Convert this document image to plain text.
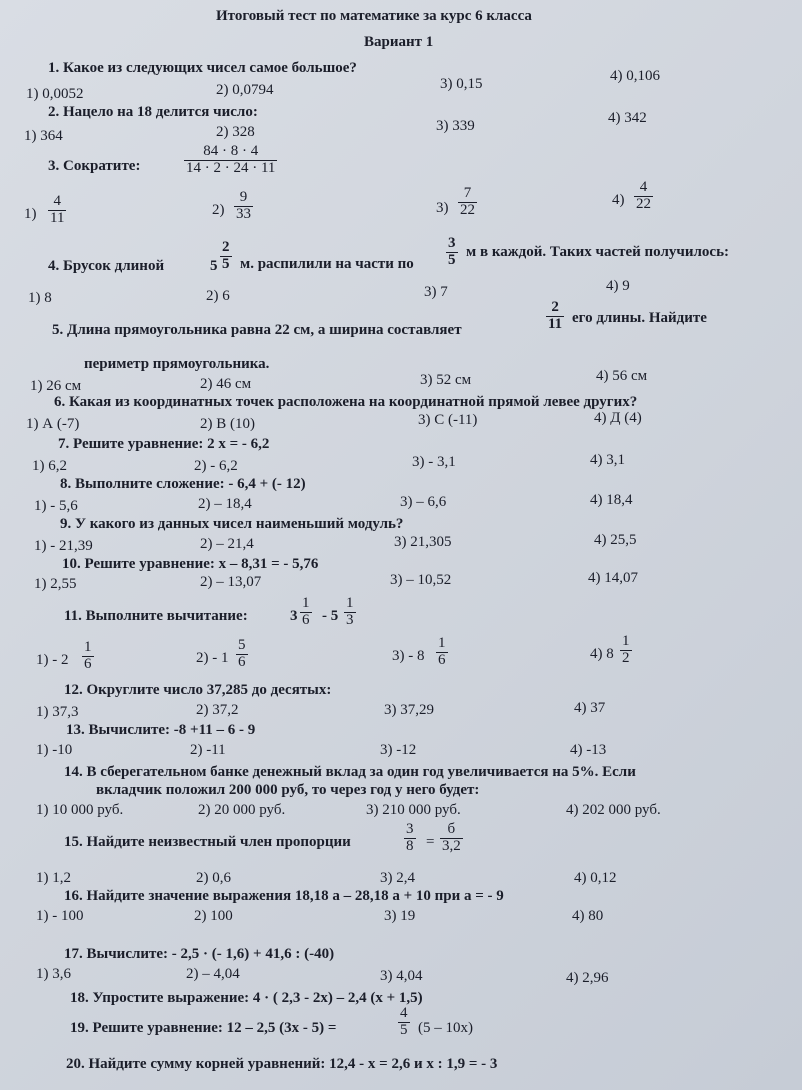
Итоговый тест по математике за курс 6 класса
Вариант 1
1. Какое из следующих чисел самое большое?
1) 0,0052	2) 0,0794	3) 0,15	4) 0,106
2. Нацело на 18 делится число:
1) 364	2) 328	3) 339	4) 342
3. Сократите:	$\frac{84 \cdot 8 \cdot 4}{14 \cdot 2 \cdot 24 \cdot 11}$
$1) \frac{4}{11}$	$2) \frac{9}{33}$	$3) \frac{7}{22}$	$4) \frac{4}{22}$
4. Брусок длиной	$5 \frac{2}{5} м$. распилили на части по $\frac{3}{5}$ м в каждой. Таких частей получилось:
1) 8	2) 6	3) 7	4) 9
5. Длина прямоугольника равна 22 см, а ширина составляет	$\frac{2}{11}$ его длины. Найдите
периметр прямоугольника.
1) 26 см	2) 46 см	3) 52 см	4) 56 см
6. Какая из координатных точек расположена на координатной прямой левее других?
1) А (-7)	2) В (10)	3) С (-11)	4) Д (4)
7. Решите уравнение: 2 х = - 6,2
1) 6,2	2) - 6,2	3) - 3,1	4) 3,1
8. Выполните сложение: - 6,4 + (- 12)
1) - 5,6	2) – 18,4	3) – 6,6	4) 18,4
9. У какого из данных чисел наименьший модуль?
1) - 21,39	2) – 21,4	3) 21,305	4) 25,5
10. Решите уравнение: х – 8,31 = - 5,76
1) 2,55	2) – 13,07	3) – 10,52	4) 14,07
11. Выполните вычитание:	$3 \frac{1}{6} - 5 \frac{1}{3}$
$1) - 2 \frac{1}{6}$	$2) - 1 \frac{5}{6}$	$3) - 8 \frac{1}{6}$	4) $8 \frac{1}{2}$
12. Округлите число 37,285 до десятых:
1) 37,3	2) 37,2	3) 37,29	4) 37
13. Вычислите: -8 +11 – 6 - 9
1) -10	2) -11	3) -12	4) -13
14. В сберегательном банке денежный вклад за один год увеличивается на 5%. Если
вкладчик положил 200 000 руб, то через год у него будет:
1) 10 000 руб.	2) 20 000 руб.	3) 210 000 руб.	4) 202 000 руб.
15. Найдите неизвестный член пропорции	$\frac{3}{8}$ =
б
3,2
1) 1,2	2) 0,6	3) 2,4	4) 0,12
16. Найдите значение выражения 18,18 а – 28,18 а + 10 при а = - 9
1) - 100	2) 100	3) 19	4) 80
17. Вычислите: - 2,5 · (- 1,6) + 41,6 : (-40)
1) 3,6	2) – 4,04	3) 4,04	4) 2,96
18. Упростите выражение: 4 · ( 2,3 - 2х) – 2,4 (х + 1,5)
19. Решите уравнение: 12 – 2,5 (3х - 5) =	$\frac{4}{5} (5 - 10х)$
20. Найдите сумму корней уравнений: 12,4 - х = 2,6 и х : 1,9 = - 3
